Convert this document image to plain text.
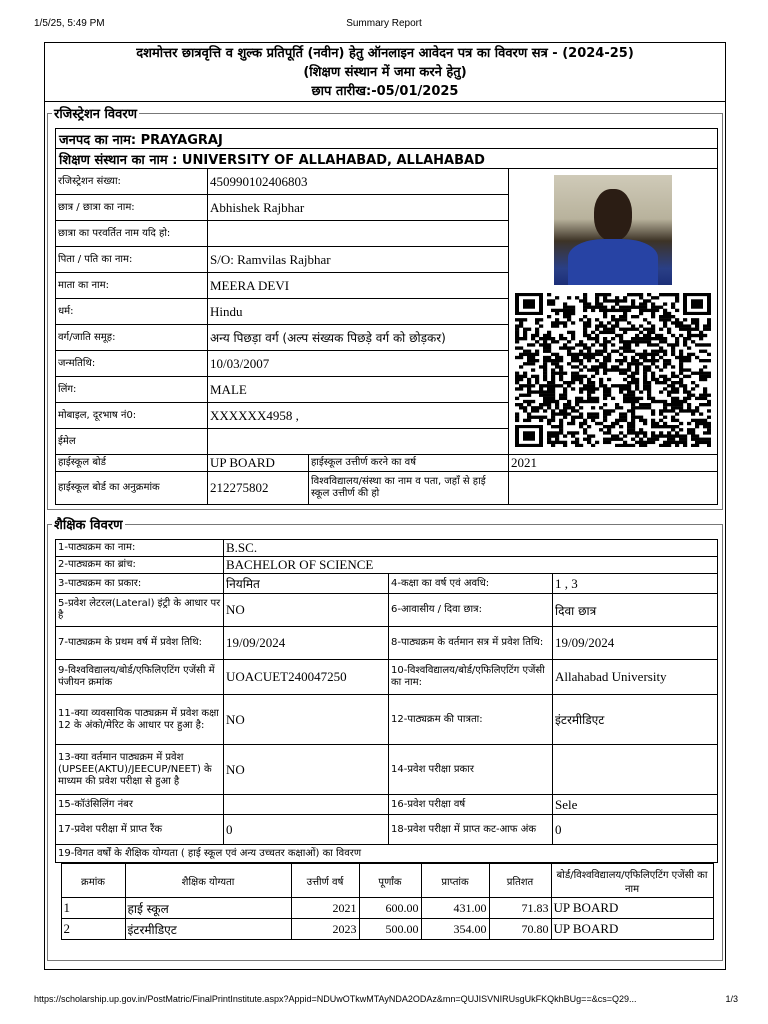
1/5/25, 5:49 PM	Summary Report
दशमोत्तर छात्रवृत्ति व शुल्क प्रतिपूर्ति (नवीन) हेतु ऑनलाइन आवेदन पत्र का विवरण सत्र - (2024-25)
(शिक्षण संस्थान में जमा करने हेतु)
छाप तारीख:-05/01/2025
रजिस्ट्रेशन विवरण
जनपद का नाम: PRAYAGRAJ			
शिक्षण संस्थान का नाम : UNIVERSITY OF ALLAHABAD, ALLAHABAD			
रजिस्ट्रेशन संख्या:	450990102406803	

छात्र / छात्रा का नाम:	Abhishek Rajbhar		
छात्रा का परवर्तित नाम यदि हो:			
पिता / पति का नाम:	S/O: Ramvilas Rajbhar		
माता का नाम:	MEERA DEVI		
धर्म:	Hindu		
वर्ग/जाति समूह:	अन्य पिछड़ा वर्ग (अल्प संख्यक पिछड़े वर्ग को छोड़कर)		
जन्मतिथि:	10/03/2007		
लिंग:	MALE		
मोबाइल, दूरभाष नं0:	XXXXXX4958 ,		
ईमेल			
हाईस्कूल बोर्ड	UP BOARD	हाईस्कूल उत्तीर्ण करने का वर्ष	2021
हाईस्कूल बोर्ड का अनुक्रमांक	212275802	विश्वविद्यालय/संस्था का नाम व पता, जहाँ से हाई स्कूल उत्तीर्ण की हो	
शैक्षिक विवरण
1-पाठ्यक्रम का नाम:	B.SC.
2-पाठ्यक्रम का ब्रांच:	BACHELOR OF SCIENCE
3-पाठ्यक्रम का प्रकार:	नियमित	4-कक्षा का वर्ष एवं अवधि:	1 , 3
5-प्रवेश लेटरल(Lateral) इंट्री के आधार पर है	NO	6-आवासीय / दिवा छात्र:	दिवा छात्र
7-पाठ्यक्रम के प्रथम वर्ष में प्रवेश तिथि:	19/09/2024	8-पाठ्यक्रम के वर्तमान सत्र में प्रवेश तिथि:	19/09/2024
9-विश्वविद्यालय/बोर्ड/एफिलिएटिंग एजेंसी में पंजीयन क्रमांक	UOACUET240047250	10-विश्वविद्यालय/बोर्ड/एफिलिएटिंग एजेंसी का नाम:	Allahabad University
11-क्या व्यवसायिक पाठ्यक्रम में प्रवेश कक्षा 12 के अंको/मेरिट के आधार पर हुआ है:	NO	12-पाठ्यक्रम की पात्रता:	इंटरमीडिएट
13-क्या वर्तमान पाठ्यक्रम में प्रवेश (UPSEE(AKTU)/JEECUP/NEET) के माध्यम की प्रवेश परीक्षा से हुआ है	NO	14-प्रवेश परीक्षा प्रकार	
15-कॉउंसिलिंग नंबर		16-प्रवेश परीक्षा वर्ष	Sele
17-प्रवेश परीक्षा में प्राप्त रैंक	0	18-प्रवेश परीक्षा में प्राप्त कट-आफ अंक	0
19-विगत वर्षों के शैक्षिक योग्यता ( हाई स्कूल एवं अन्य उच्चतर कक्षाओं) का विवरण

क्रमांक	शैक्षिक योग्यता	उत्तीर्ण वर्ष	पूर्णांक	प्राप्तांक	प्रतिशत	बोर्ड/विश्वविद्यालय/एफिलिएटिंग एजेंसी का नाम
1	हाई स्कूल	2021	600.00	431.00	71.83	UP BOARD
2	इंटरमीडिएट	2023	500.00	354.00	70.80	UP BOARD
https://scholarship.up.gov.in/PostMatric/FinalPrintInstitute.aspx?Appid=NDUwOTkwMTAyNDA2ODAz&mn=QUJISVNIRUsgUkFKQkhBUg==&cs=Q29...	1/3
